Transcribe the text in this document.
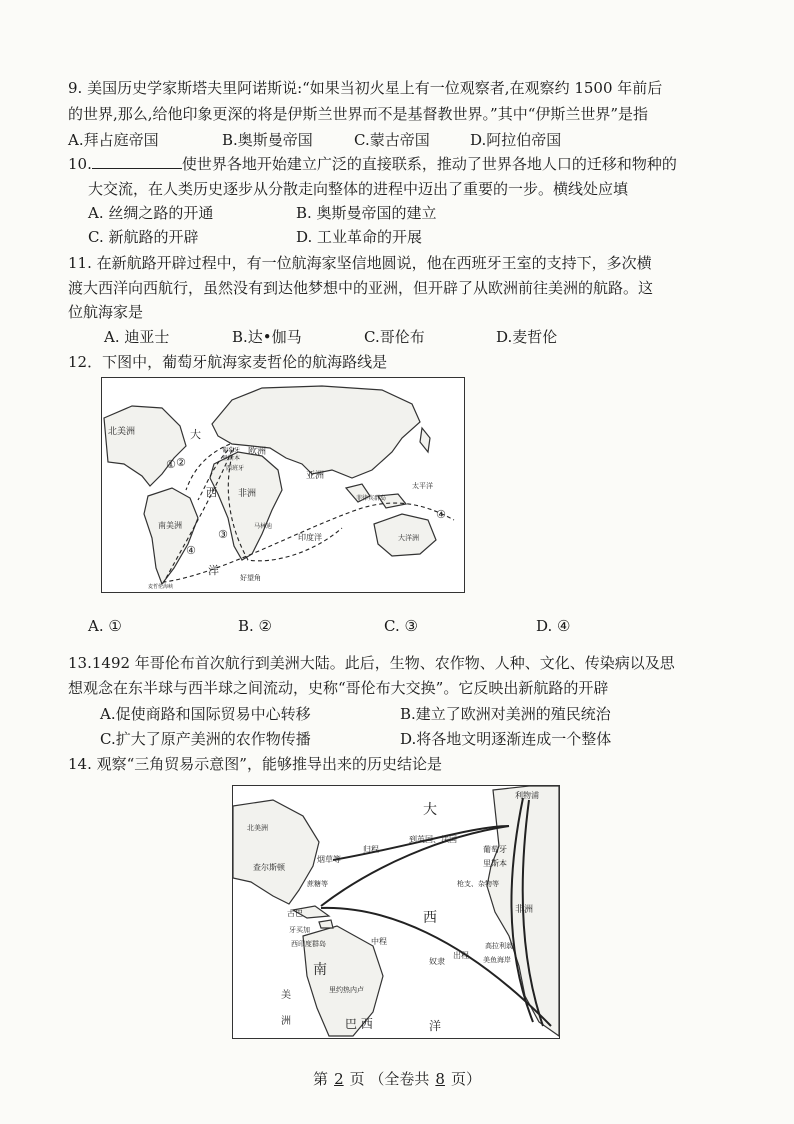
9. 美国历史学家斯塔夫里阿诺斯说:“如果当初火星上有一位观察者,在观察约 1500 年前后
的世界,那么,给他印象更深的将是伊斯兰世界而不是基督教世界。”其中“伊斯兰世界”是指
A.拜占庭帝国	B.奥斯曼帝国	C.蒙古帝国	D.阿拉伯帝国
10.	使世界各地开始建立广泛的直接联系，推动了世界各地人口的迁移和物种的
大交流，在人类历史逐步从分散走向整体的进程中迈出了重要的一步。横线处应填
A. 丝绸之路的开通	B. 奥斯曼帝国的建立
C. 新航路的开辟	D. 工业革命的开展
11. 在新航路开辟过程中，有一位航海家坚信地圆说，他在西班牙王室的支持下，多次横
渡大西洋向西航行，虽然没有到达他梦想中的亚洲，但开辟了从欧洲前往美洲的航路。这
位航海家是
A. 迪亚士	B.达•伽马	C.哥伦布	D.麦哲伦
12．下图中，葡萄牙航海家麦哲伦的航海路线是
北美洲	大
葡萄牙
里斯本
西班牙
欧洲
亚洲
西 非洲
南美洲
洋
马林迪
印度洋
菲律宾群岛
太平洋
大洋洲
好望角
麦哲伦海峡
① ②
③
④
④
A. ①	B. ②	C. ③	D. ④
13.1492 年哥伦布首次航行到美洲大陆。此后，生物、农作物、人种、文化、传染病以及思
想观念在东半球与西半球之间流动，史称“哥伦布大交换”。它反映出新航路的开辟
A.促使商路和国际贸易中心转移	B.建立了欧洲对美洲的殖民统治
C.扩大了原产美洲的农作物传播	D.将各地文明逐渐连成一个整体
14. 观察“三角贸易示意图”，能够推导出来的历史结论是
利物浦
大
北美洲
查尔斯顿
烟草等
归程
到英国、法国
葡萄牙
里斯本
蔗糖等	枪支、杂物等
非洲
古巴
牙买加
西印度群岛
西
中程
奴隶
出程
南
高拉利翁
美鱼海岸
里约热内卢
美
洲	巴 西	洋
第 2 页 （全卷共 8 页）
